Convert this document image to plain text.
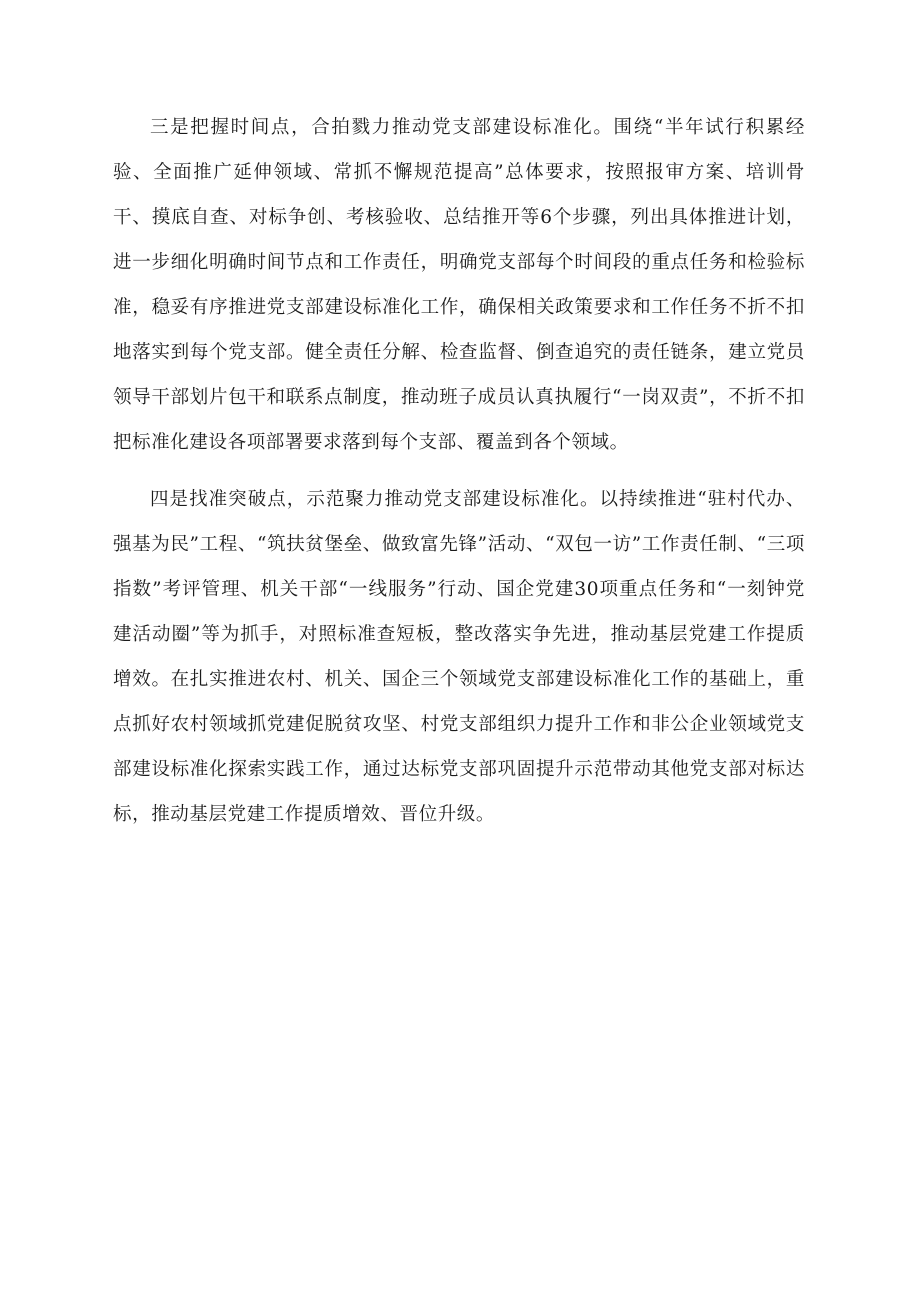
三是把握时间点，合拍戮力推动党支部建设标准化。围绕“半年试行积累经验、全面推广延伸领域、常抓不懈规范提高”总体要求，按照报审方案、培训骨干、摸底自查、对标争创、考核验收、总结推开等6个步骤，列出具体推进计划，进一步细化明确时间节点和工作责任，明确党支部每个时间段的重点任务和检验标准，稳妥有序推进党支部建设标准化工作，确保相关政策要求和工作任务不折不扣地落实到每个党支部。健全责任分解、检查监督、倒查追究的责任链条，建立党员领导干部划片包干和联系点制度，推动班子成员认真执履行“一岗双责”，不折不扣把标准化建设各项部署要求落到每个支部、覆盖到各个领域。

四是找准突破点，示范聚力推动党支部建设标准化。以持续推进“驻村代办、强基为民”工程、“筑扶贫堡垒、做致富先锋”活动、“双包一访”工作责任制、“三项指数”考评管理、机关干部“一线服务”行动、国企党建30项重点任务和“一刻钟党建活动圈”等为抓手，对照标准查短板，整改落实争先进，推动基层党建工作提质增效。在扎实推进农村、机关、国企三个领域党支部建设标准化工作的基础上，重点抓好农村领域抓党建促脱贫攻坚、村党支部组织力提升工作和非公企业领域党支部建设标准化探索实践工作，通过达标党支部巩固提升示范带动其他党支部对标达标，推动基层党建工作提质增效、晋位升级。
